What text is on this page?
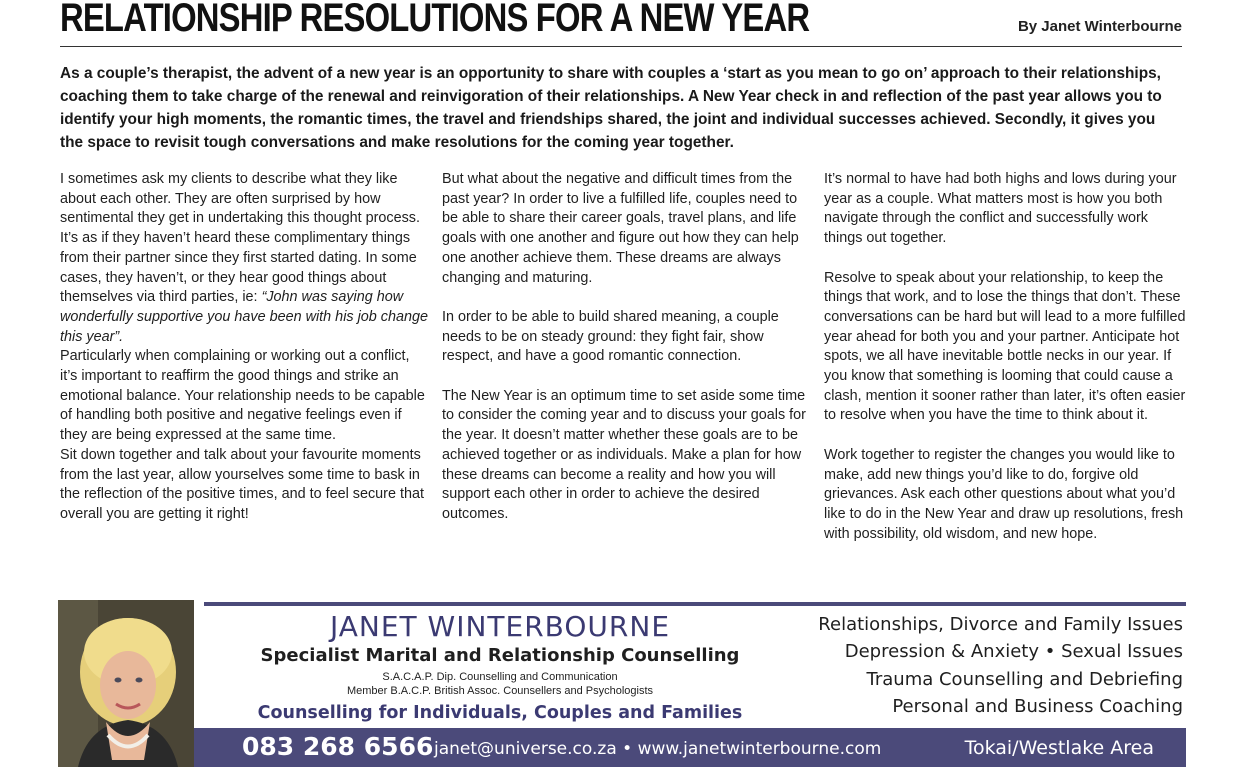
RELATIONSHIP RESOLUTIONS FOR A NEW YEAR	By Janet Winterbourne
As a couple’s therapist, the advent of a new year is an opportunity to share with couples a ‘start as you mean to go on’ approach to their relationships, coaching them to take charge of the renewal and reinvigoration of their relationships. A New Year check in and reflection of the past year allows you to identify your high moments, the romantic times, the travel and friendships shared, the joint and individual successes achieved. Secondly, it gives you the space to revisit tough conversations and make resolutions for the coming year together.

I sometimes ask my clients to describe what they like about each other. They are often surprised by how sentimental they get in undertaking this thought process. It’s as if they haven’t heard these complimentary things from their partner since they first started dating. In some cases, they haven’t, or they hear good things about themselves via third parties, ie: “John was saying how wonderfully supportive you have been with his job change this year”.

Particularly when complaining or working out a conflict, it’s important to reaffirm the good things and strike an emotional balance. Your relationship needs to be capable of handling both positive and negative feelings even if they are being expressed at the same time.

Sit down together and talk about your favourite moments from the last year, allow yourselves some time to bask in the reflection of the positive times, and to feel secure that overall you are getting it right!

But what about the negative and difficult times from the past year? In order to live a fulfilled life, couples need to be able to share their career goals, travel plans, and life goals with one another and figure out how they can help one another achieve them. These dreams are always changing and maturing.

In order to be able to build shared meaning, a couple needs to be on steady ground: they fight fair, show respect, and have a good romantic connection.

The New Year is an optimum time to set aside some time to consider the coming year and to discuss your goals for the year. It doesn’t matter whether these goals are to be achieved together or as individuals. Make a plan for how these dreams can become a reality and how you will support each other in order to achieve the desired outcomes.

It’s normal to have had both highs and lows during your year as a couple. What matters most is how you both navigate through the conflict and successfully work things out together.

Resolve to speak about your relationship, to keep the things that work, and to lose the things that don’t. These conversations can be hard but will lead to a more fulfilled year ahead for both you and your partner. Anticipate hot spots, we all have inevitable bottle necks in our year. If you know that something is looming that could cause a clash, mention it sooner rather than later, it’s often easier to resolve when you have the time to think about it.

Work together to register the changes you would like to make, add new things you’d like to do, forgive old grievances. Ask each other questions about what you’d like to do in the New Year and draw up resolutions, fresh with possibility, old wisdom, and new hope.

JANET WINTERBOURNE
Specialist Marital and Relationship Counselling
S.A.C.A.P. Dip. Counselling and Communication
Member B.A.C.P. British Assoc. Counsellers and Psychologists
Counselling for Individuals, Couples and Families
Relationships, Divorce and Family Issues
Depression & Anxiety • Sexual Issues
Trauma Counselling and Debriefing
Personal and Business Coaching
083 268 6566 janet@universe.co.za • www.janetwinterbourne.com	Tokai/Westlake Area
